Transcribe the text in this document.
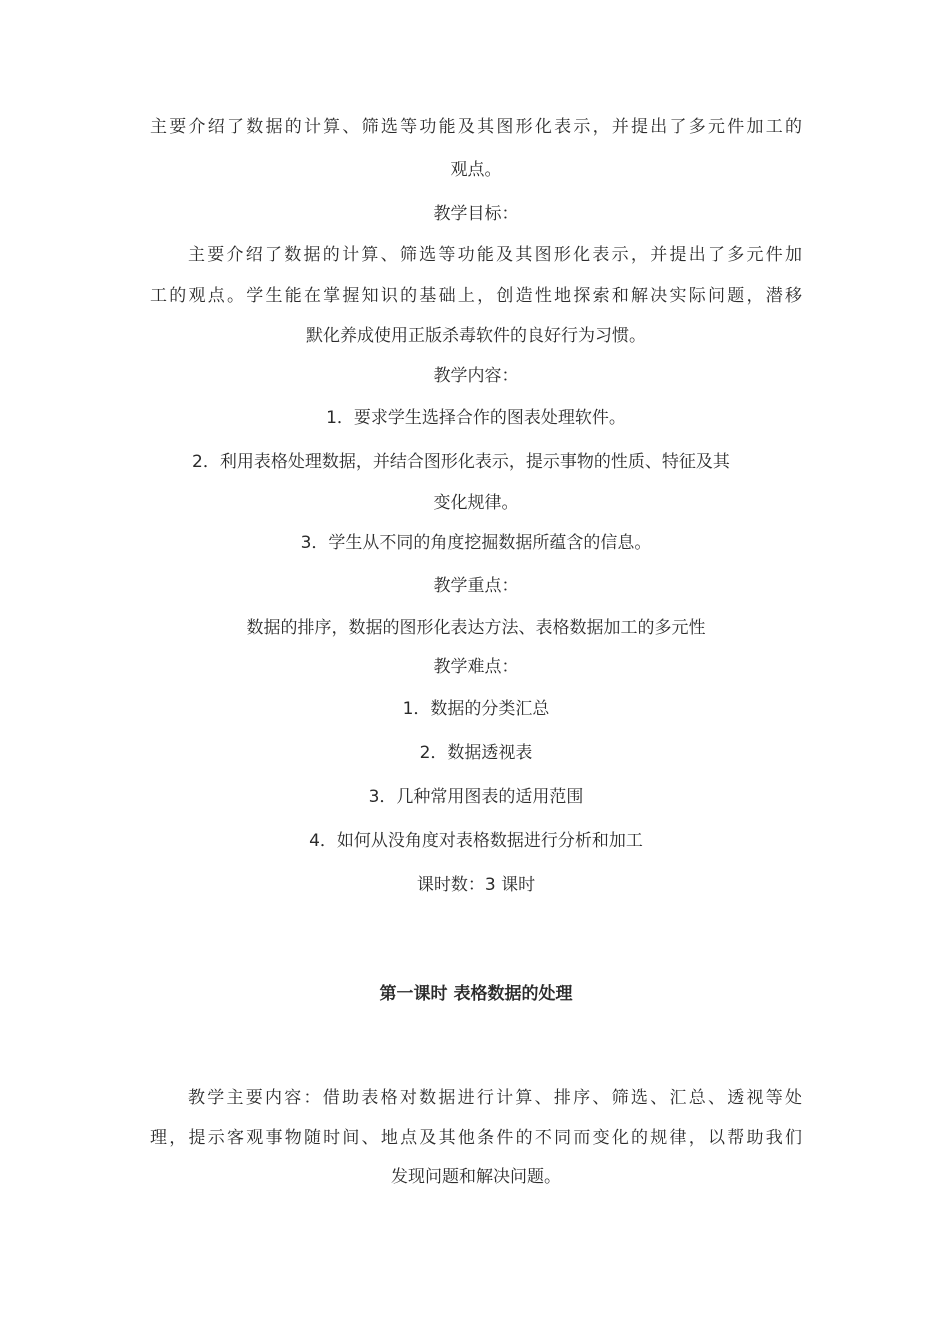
主要介绍了数据的计算、筛选等功能及其图形化表示，并提出了多元件加工的
观点。
教学目标：
主要介绍了数据的计算、筛选等功能及其图形化表示，并提出了多元件加
工的观点。学生能在掌握知识的基础上，创造性地探索和解决实际问题，潜移
默化养成使用正版杀毒软件的良好行为习惯。
教学内容：
1．要求学生选择合作的图表处理软件。
2．利用表格处理数据，并结合图形化表示，提示事物的性质、特征及其
变化规律。
3．学生从不同的角度挖掘数据所蕴含的信息。
教学重点：
数据的排序，数据的图形化表达方法、表格数据加工的多元性
教学难点：
1．数据的分类汇总
2．数据透视表
3．几种常用图表的适用范围
4．如何从没角度对表格数据进行分析和加工
课时数：3 课时
第一课时 表格数据的处理
教学主要内容：借助表格对数据进行计算、排序、筛选、汇总、透视等处
理，提示客观事物随时间、地点及其他条件的不同而变化的规律，以帮助我们
发现问题和解决问题。
